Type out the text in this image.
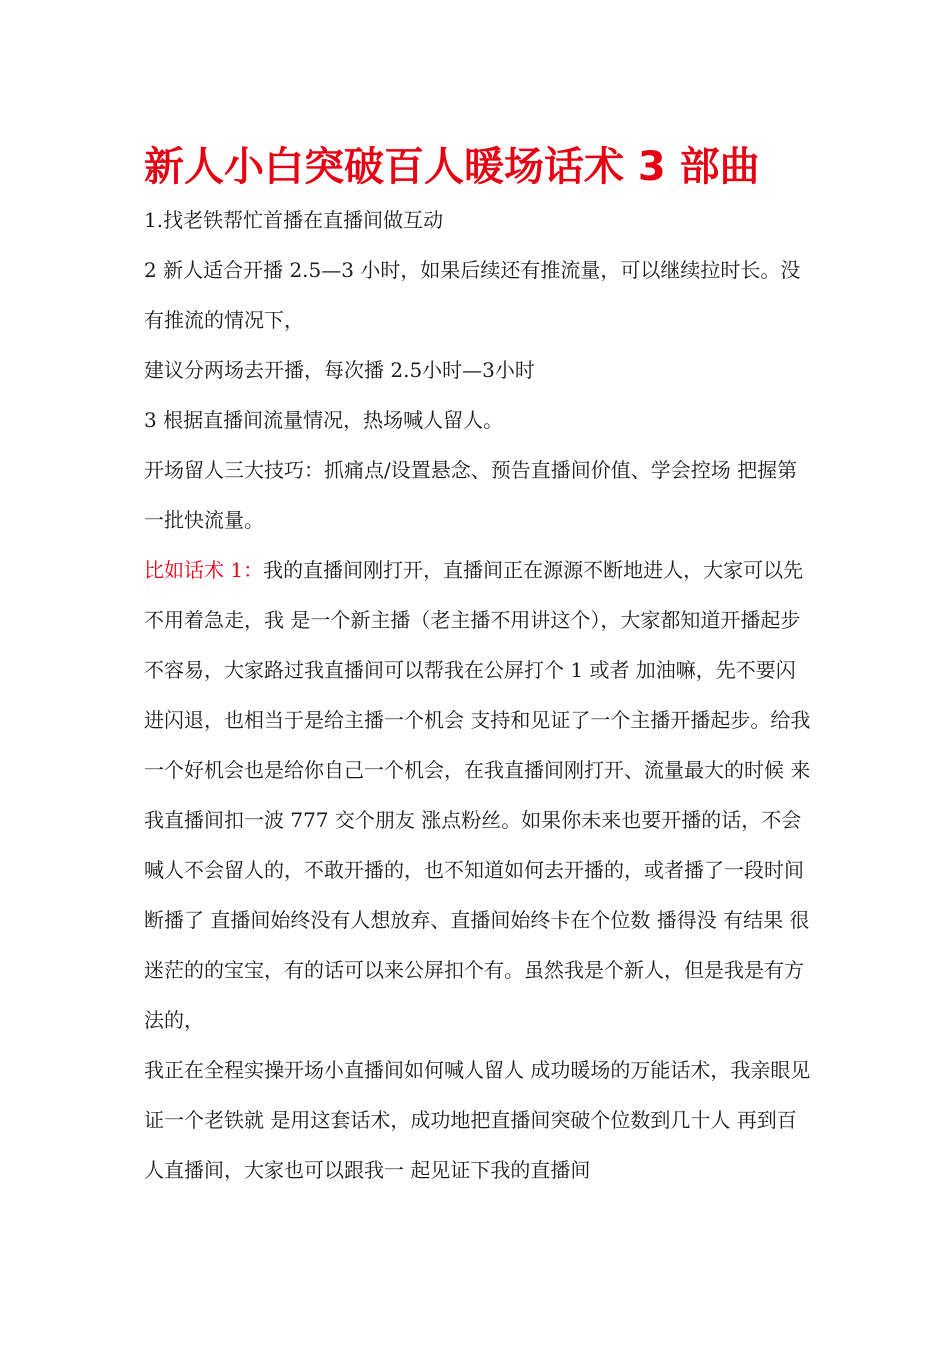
新人小白突破百人暖场话术 3 部曲

1.找老铁帮忙首播在直播间做互动

2 新人适合开播 2.5—3 小时，如果后续还有推流量，可以继续拉时长。没有推流的情况下，

建议分两场去开播，每次播 2.5小时—3小时

3 根据直播间流量情况，热场喊人留人。

开场留人三大技巧：抓痛点/设置悬念、预告直播间价值、学会控场 把握第一批快流量。

比如话术 1：我的直播间刚打开，直播间正在源源不断地进人，大家可以先不用着急走，我 是一个新主播（老主播不用讲这个），大家都知道开播起步不容易，大家路过我直播间可以帮我在公屏打个 1 或者 加油嘛，先不要闪进闪退，也相当于是给主播一个机会 支持和见证了一个主播开播起步。给我一个好机会也是给你自己一个机会，在我直播间刚打开、流量最大的时候 来我直播间扣一波 777 交个朋友 涨点粉丝。如果你未来也要开播的话，不会喊人不会留人的，不敢开播的，也不知道如何去开播的，或者播了一段时间断播了 直播间始终没有人想放弃、直播间始终卡在个位数 播得没 有结果 很迷茫的的宝宝，有的话可以来公屏扣个有。虽然我是个新人，但是我是有方法的，

我正在全程实操开场小直播间如何喊人留人 成功暖场的万能话术，我亲眼见证一个老铁就 是用这套话术，成功地把直播间突破个位数到几十人 再到百人直播间，大家也可以跟我一 起见证下我的直播间
